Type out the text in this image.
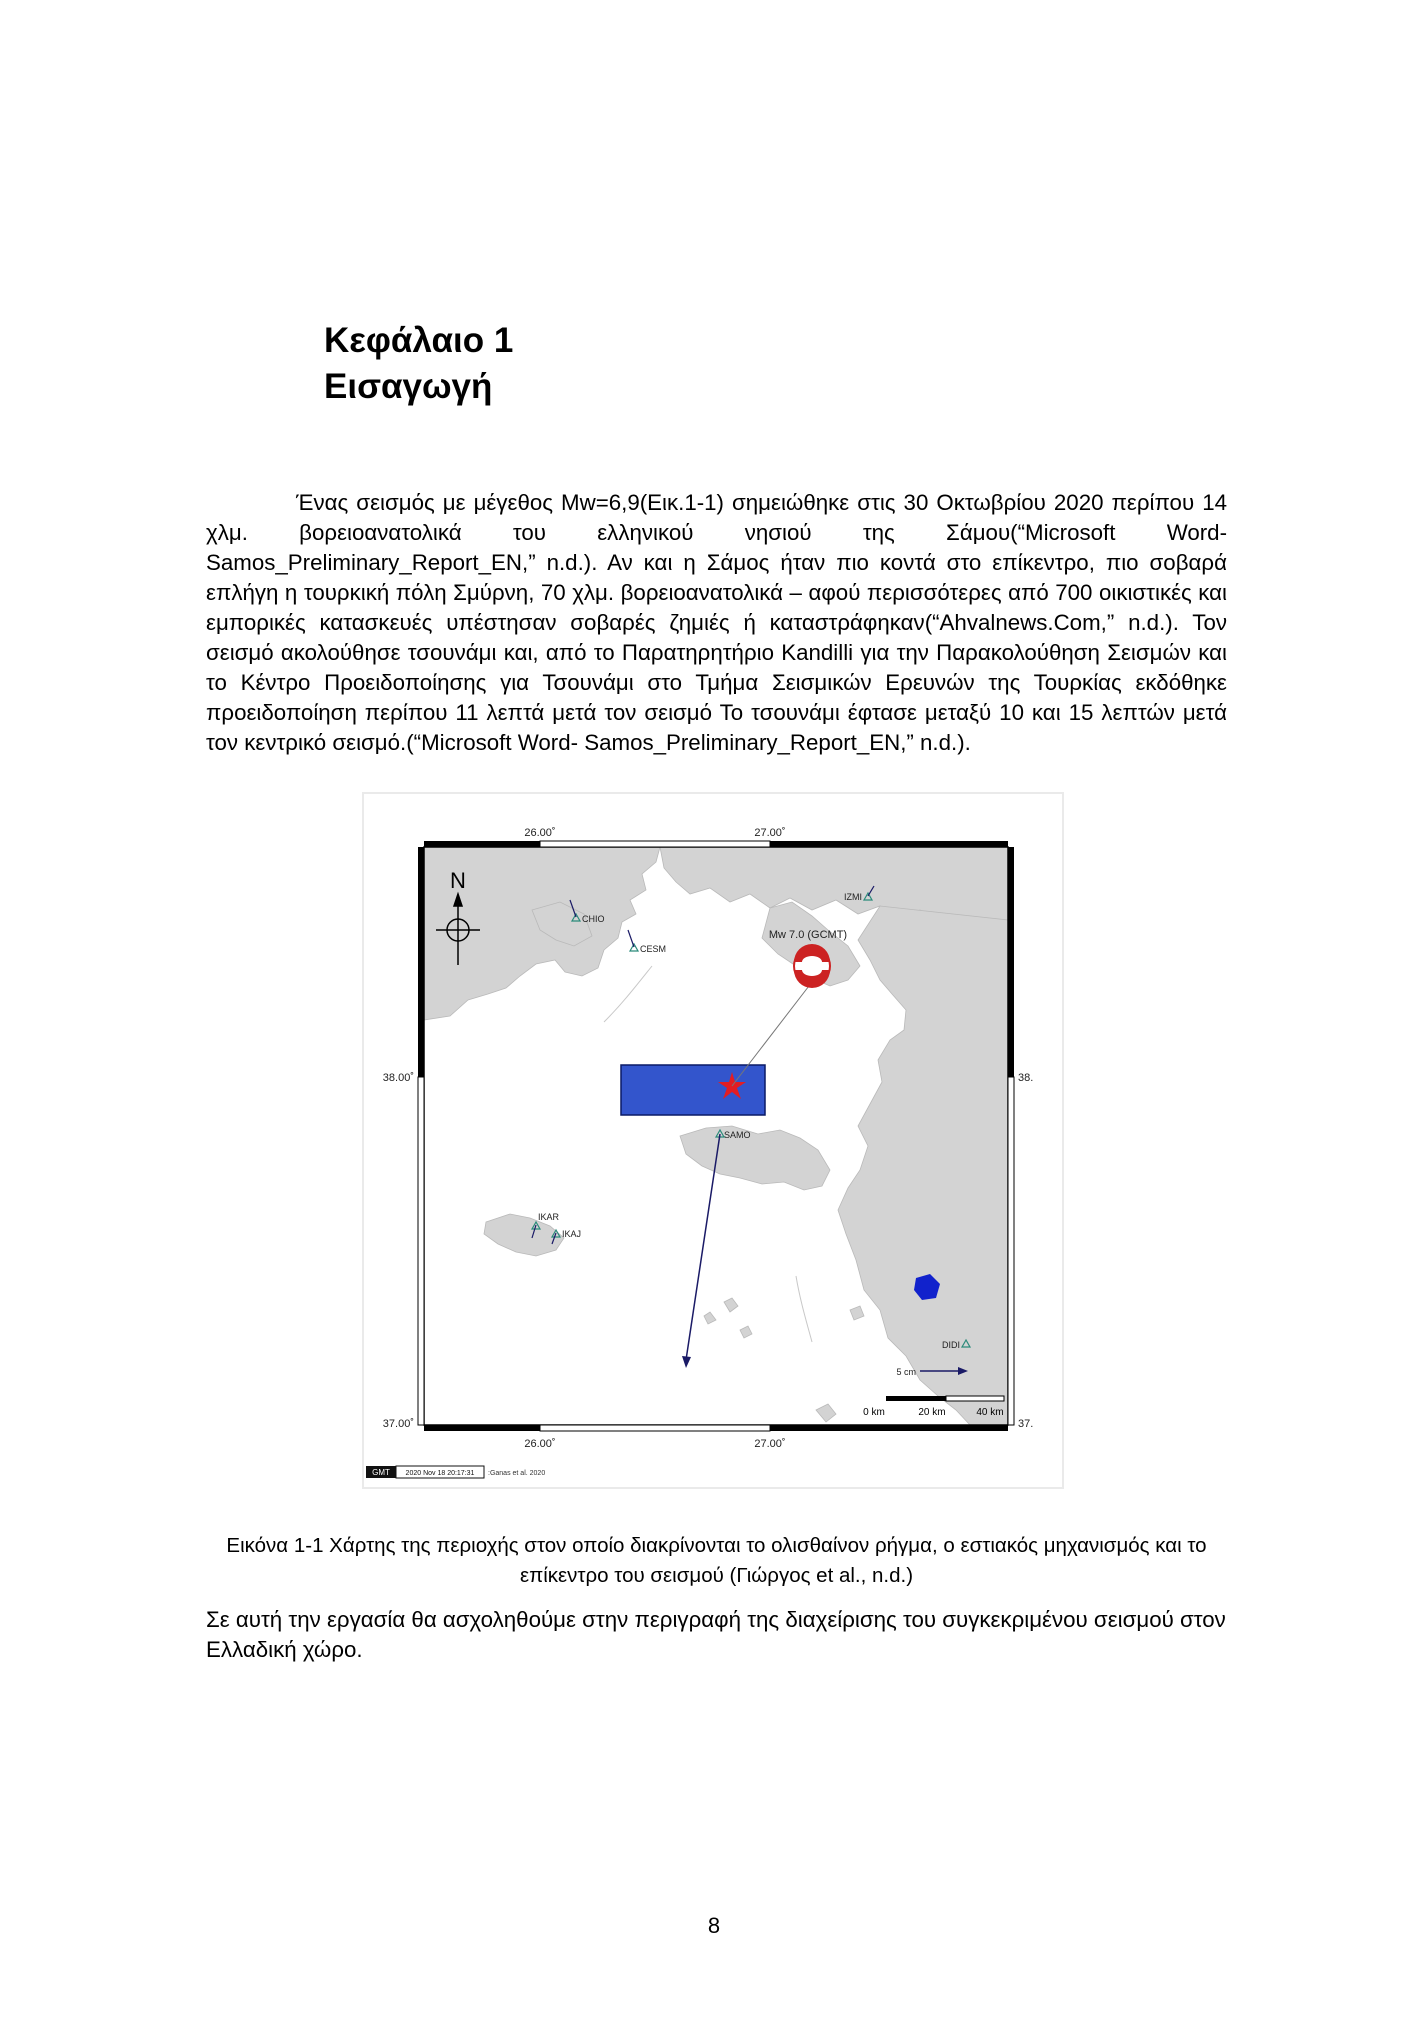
Κεφάλαιο 1
Εισαγωγή

Ένας σεισμός με μέγεθος Mw=6,9(Εικ.1-1) σημειώθηκε στις 30 Οκτωβρίου 2020 περίπου 14 χλμ. βορειοανατολικά του ελληνικού νησιού της Σάμου(“Microsoft Word- Samos_Preliminary_Report_EN,” n.d.). Αν και η Σάμος ήταν πιο κοντά στο επίκεντρο, πιο σοβαρά επλήγη η τουρκική πόλη Σμύρνη, 70 χλμ. βορειοανατολικά – αφού περισσότερες από 700 οικιστικές και εμπορικές κατασκευές υπέστησαν σοβαρές ζημιές ή καταστράφηκαν(“Ahvalnews.Com,” n.d.). Τον σεισμό ακολούθησε τσουνάμι και, από το Παρατηρητήριο Kandilli για την Παρακολούθηση Σεισμών και το Κέντρο Προειδοποίησης για Τσουνάμι στο Τμήμα Σεισμικών Ερευνών της Τουρκίας εκδόθηκε προειδοποίηση περίπου 11 λεπτά μετά τον σεισμό Το τσουνάμι έφτασε μεταξύ 10 και 15 λεπτών μετά τον κεντρικό σεισμό.(“Microsoft Word- Samos_Preliminary_Report_EN,” n.d.).

26.00˚	27.00˚
26.00˚	27.00˚
38.00˚
37.00˚
38.
37.
N
Mw 7.0 (GCMT)
CHIO
CESM
IZMI
SAMO
IKAR
IKAJ
DIDI
5 cm
0 km	20 km	40 km
GMT 2020 Nov 18 20:17:31 :Ganas et al. 2020

Εικόνα 1-1 Χάρτης της περιοχής στον οποίο διακρίνονται το ολισθαίνον ρήγμα, ο εστιακός μηχανισμός και το επίκεντρο του σεισμού (Γιώργος et al., n.d.)

Σε αυτή την εργασία θα ασχοληθούμε στην περιγραφή της διαχείρισης του συγκεκριμένου σεισμού στον Ελλαδική χώρο.

8
